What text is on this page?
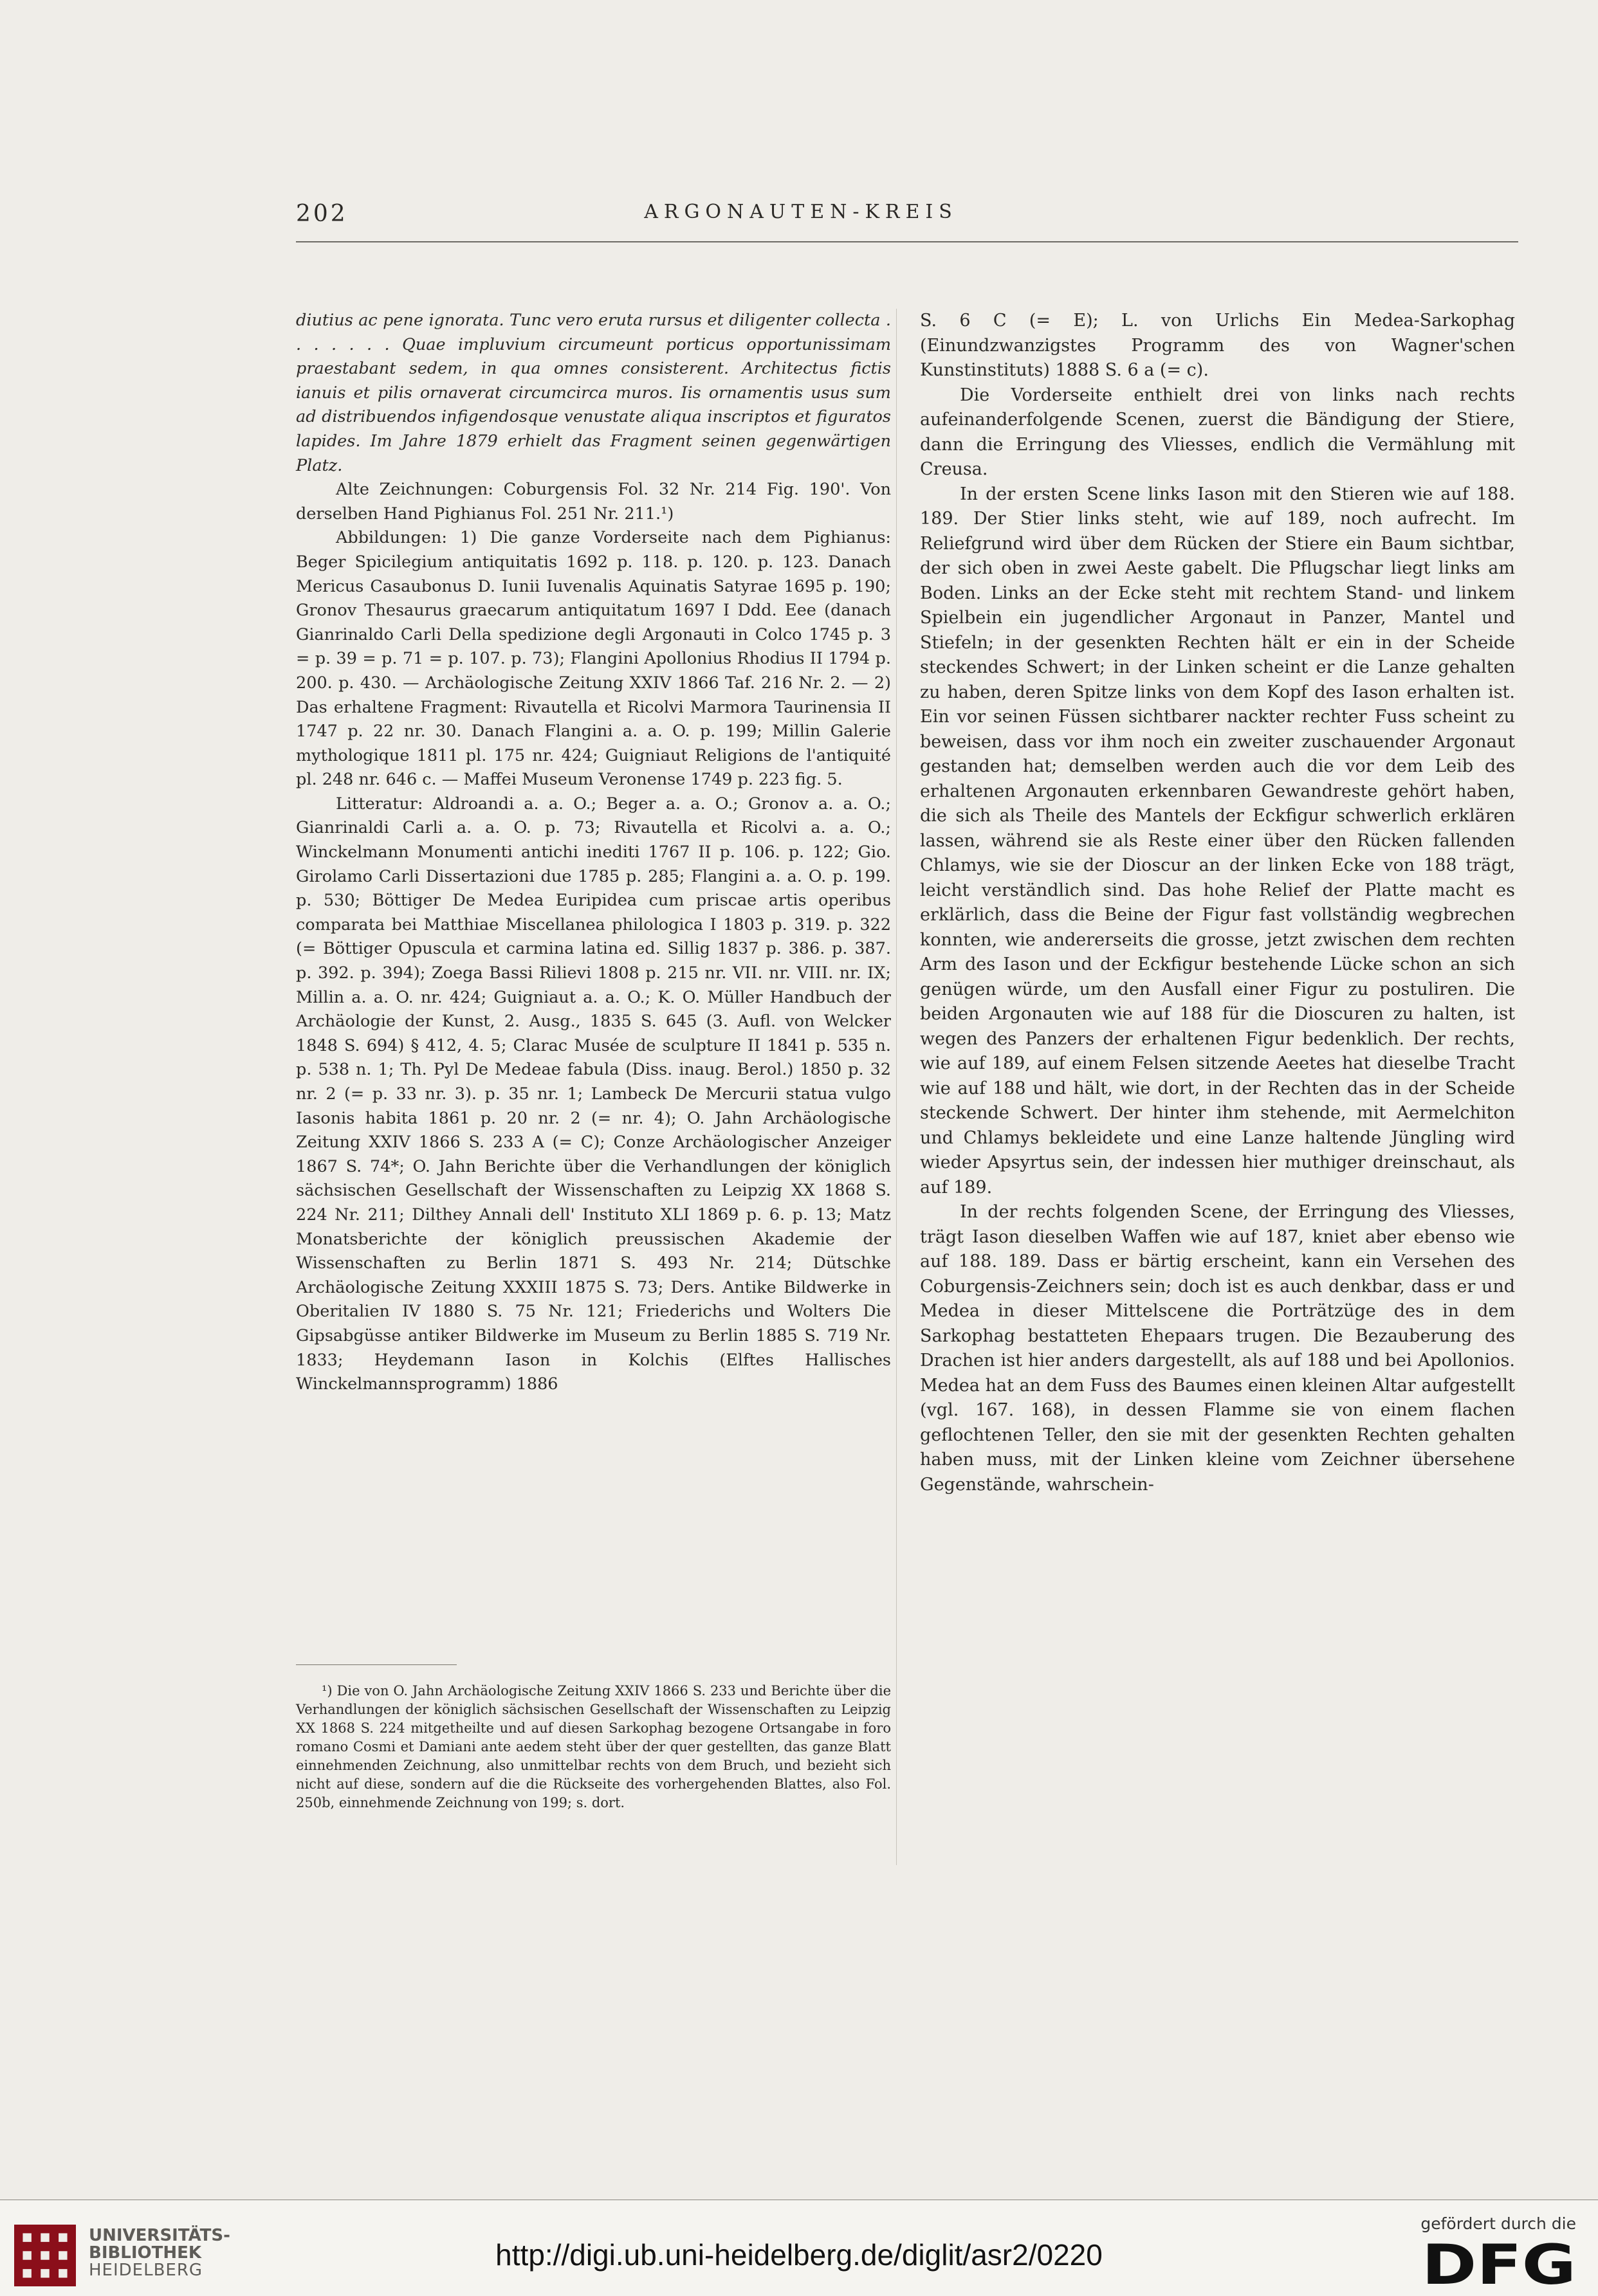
202	ARGONAUTEN-KREIS

diutius ac pene ignorata. Tunc vero eruta rursus et diligenter collecta . . . . . . . Quae impluvium circumeunt porticus opportunissimam praestabant sedem, in qua omnes consisterent. Architectus fictis ianuis et pilis ornaverat circumcirca muros. Iis ornamentis usus sum ad distribuendos infigendosque venustate aliqua inscriptos et figuratos lapides. Im Jahre 1879 erhielt das Fragment seinen gegenwärtigen Platz.

Alte Zeichnungen: Coburgensis Fol. 32 Nr. 214 Fig. 190'. Von derselben Hand Pighianus Fol. 251 Nr. 211.¹)

Abbildungen: 1) Die ganze Vorderseite nach dem Pighianus: Beger Spicilegium antiquitatis 1692 p. 118. p. 120. p. 123. Danach Mericus Casaubonus D. Iunii Iuvenalis Aquinatis Satyrae 1695 p. 190; Gronov Thesaurus graecarum antiquitatum 1697 I Ddd. Eee (danach Gianrinaldo Carli Della spedizione degli Argonauti in Colco 1745 p. 3 = p. 39 = p. 71 = p. 107. p. 73); Flangini Apollonius Rhodius II 1794 p. 200. p. 430. — Archäologische Zeitung XXIV 1866 Taf. 216 Nr. 2. — 2) Das erhaltene Fragment: Rivautella et Ricolvi Marmora Taurinensia II 1747 p. 22 nr. 30. Danach Flangini a. a. O. p. 199; Millin Galerie mythologique 1811 pl. 175 nr. 424; Guigniaut Religions de l'antiquité pl. 248 nr. 646 c. — Maffei Museum Veronense 1749 p. 223 fig. 5.

Litteratur: Aldroandi a. a. O.; Beger a. a. O.; Gronov a. a. O.; Gianrinaldi Carli a. a. O. p. 73; Rivautella et Ricolvi a. a. O.; Winckelmann Monumenti antichi inediti 1767 II p. 106. p. 122; Gio. Girolamo Carli Dissertazioni due 1785 p. 285; Flangini a. a. O. p. 199. p. 530; Böttiger De Medea Euripidea cum priscae artis operibus comparata bei Matthiae Miscellanea philologica I 1803 p. 319. p. 322 (= Böttiger Opuscula et carmina latina ed. Sillig 1837 p. 386. p. 387. p. 392. p. 394); Zoega Bassi Rilievi 1808 p. 215 nr. VII. nr. VIII. nr. IX; Millin a. a. O. nr. 424; Guigniaut a. a. O.; K. O. Müller Handbuch der Archäologie der Kunst, 2. Ausg., 1835 S. 645 (3. Aufl. von Welcker 1848 S. 694) § 412, 4. 5; Clarac Musée de sculpture II 1841 p. 535 n. p. 538 n. 1; Th. Pyl De Medeae fabula (Diss. inaug. Berol.) 1850 p. 32 nr. 2 (= p. 33 nr. 3). p. 35 nr. 1; Lambeck De Mercurii statua vulgo Iasonis habita 1861 p. 20 nr. 2 (= nr. 4); O. Jahn Archäologische Zeitung XXIV 1866 S. 233 A (= C); Conze Archäologischer Anzeiger 1867 S. 74*; O. Jahn Berichte über die Verhandlungen der königlich sächsischen Gesellschaft der Wissenschaften zu Leipzig XX 1868 S. 224 Nr. 211; Dilthey Annali dell' Instituto XLI 1869 p. 6. p. 13; Matz Monatsberichte der königlich preussischen Akademie der Wissenschaften zu Berlin 1871 S. 493 Nr. 214; Dütschke Archäologische Zeitung XXXIII 1875 S. 73; Ders. Antike Bildwerke in Oberitalien IV 1880 S. 75 Nr. 121; Friederichs und Wolters Die Gipsabgüsse antiker Bildwerke im Museum zu Berlin 1885 S. 719 Nr. 1833; Heydemann Iason in Kolchis (Elftes Hallisches Winckelmannsprogramm) 1886

¹) Die von O. Jahn Archäologische Zeitung XXIV 1866 S. 233 und Berichte über die Verhandlungen der königlich sächsischen Gesellschaft der Wissenschaften zu Leipzig XX 1868 S. 224 mitgetheilte und auf diesen Sarkophag bezogene Ortsangabe in foro romano Cosmi et Damiani ante aedem steht über der quer gestellten, das ganze Blatt einnehmenden Zeichnung, also unmittelbar rechts von dem Bruch, und bezieht sich nicht auf diese, sondern auf die die Rückseite des vorhergehenden Blattes, also Fol. 250b, einnehmende Zeichnung von 199; s. dort.

S. 6 C (= E); L. von Urlichs Ein Medea-Sarkophag (Einundzwanzigstes Programm des von Wagner'schen Kunstinstituts) 1888 S. 6 a (= c).

Die Vorderseite enthielt drei von links nach rechts aufeinanderfolgende Scenen, zuerst die Bändigung der Stiere, dann die Erringung des Vliesses, endlich die Vermählung mit Creusa.

In der ersten Scene links Iason mit den Stieren wie auf 188. 189. Der Stier links steht, wie auf 189, noch aufrecht. Im Reliefgrund wird über dem Rücken der Stiere ein Baum sichtbar, der sich oben in zwei Aeste gabelt. Die Pflugschar liegt links am Boden. Links an der Ecke steht mit rechtem Stand- und linkem Spielbein ein jugendlicher Argonaut in Panzer, Mantel und Stiefeln; in der gesenkten Rechten hält er ein in der Scheide steckendes Schwert; in der Linken scheint er die Lanze gehalten zu haben, deren Spitze links von dem Kopf des Iason erhalten ist. Ein vor seinen Füssen sichtbarer nackter rechter Fuss scheint zu beweisen, dass vor ihm noch ein zweiter zuschauender Argonaut gestanden hat; demselben werden auch die vor dem Leib des erhaltenen Argonauten erkennbaren Gewandreste gehört haben, die sich als Theile des Mantels der Eckfigur schwerlich erklären lassen, während sie als Reste einer über den Rücken fallenden Chlamys, wie sie der Dioscur an der linken Ecke von 188 trägt, leicht verständlich sind. Das hohe Relief der Platte macht es erklärlich, dass die Beine der Figur fast vollständig wegbrechen konnten, wie andererseits die grosse, jetzt zwischen dem rechten Arm des Iason und der Eckfigur bestehende Lücke schon an sich genügen würde, um den Ausfall einer Figur zu postuliren. Die beiden Argonauten wie auf 188 für die Dioscuren zu halten, ist wegen des Panzers der erhaltenen Figur bedenklich. Der rechts, wie auf 189, auf einem Felsen sitzende Aeetes hat dieselbe Tracht wie auf 188 und hält, wie dort, in der Rechten das in der Scheide steckende Schwert. Der hinter ihm stehende, mit Aermelchiton und Chlamys bekleidete und eine Lanze haltende Jüngling wird wieder Apsyrtus sein, der indessen hier muthiger dreinschaut, als auf 189.

In der rechts folgenden Scene, der Erringung des Vliesses, trägt Iason dieselben Waffen wie auf 187, kniet aber ebenso wie auf 188. 189. Dass er bärtig erscheint, kann ein Versehen des Coburgensis-Zeichners sein; doch ist es auch denkbar, dass er und Medea in dieser Mittelscene die Porträtzüge des in dem Sarkophag bestatteten Ehepaars trugen. Die Bezauberung des Drachen ist hier anders dargestellt, als auf 188 und bei Apollonios. Medea hat an dem Fuss des Baumes einen kleinen Altar aufgestellt (vgl. 167. 168), in dessen Flamme sie von einem flachen geflochtenen Teller, den sie mit der gesenkten Rechten gehalten haben muss, mit der Linken kleine vom Zeichner übersehene Gegenstände, wahrschein-

UNIVERSITÄTS-
BIBLIOTHEK
HEIDELBERG	http://digi.ub.uni-heidelberg.de/diglit/asr2/0220
gefördert durch die
DFG
